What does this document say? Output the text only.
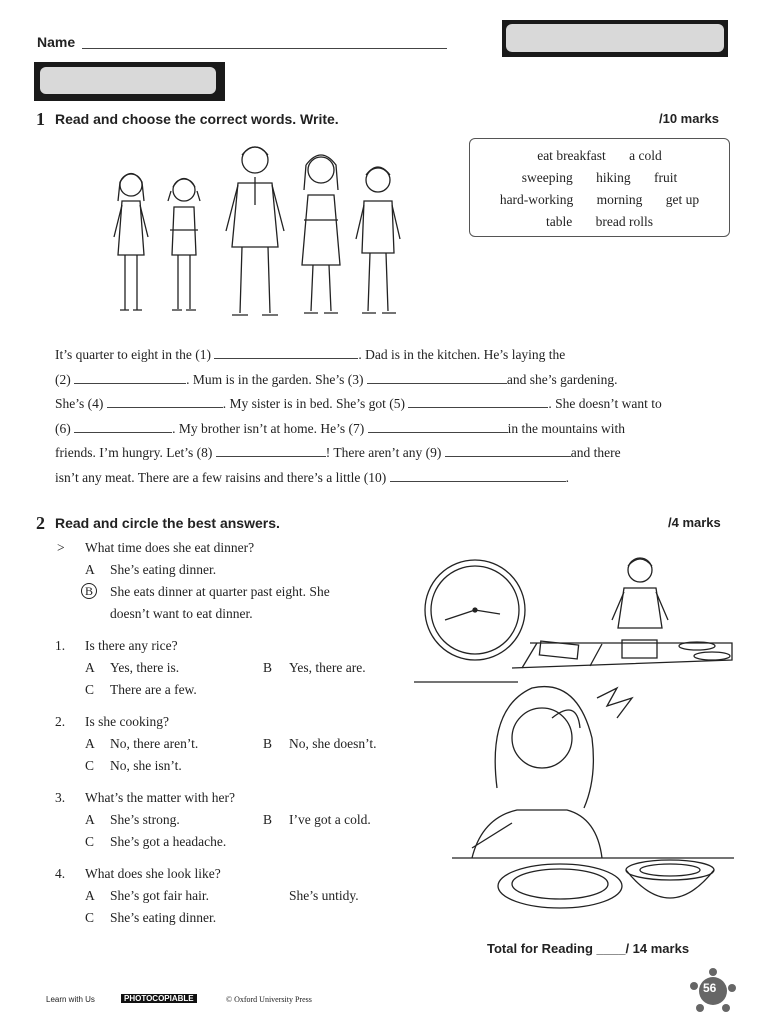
Name
1 Read and choose the correct words. Write.	/10 marks
eat breakfast a cold
sweeping hiking fruit
hard-working morning get up
table bread rolls
It’s quarter to eight in the (1)	. Dad is in the kitchen. He’s laying the
(2)	. Mum is in the garden. She’s (3)	and she’s gardening.
She’s (4)	. My sister is in bed. She’s got (5)	. She doesn’t want to
(6)	. My brother isn’t at home. He’s (7)	in the mountains with
friends. I’m hungry. Let’s (8)	! There aren’t any (9)	and there
isn’t any meat. There are a few raisins and there’s a little (10)	.
2 Read and circle the best answers.	/4 marks
> What time does she eat dinner?
A She’s eating dinner.
B She eats dinner at quarter past eight. She
doesn’t want to eat dinner.
1. Is there any rice?
A Yes, there is.	B Yes, there are.
C There are a few.
2. Is she cooking?
A No, there aren’t.	B No, she doesn’t.
C No, she isn’t.
3. What’s the matter with her?
A She’s strong.	B I’ve got a cold.
C She’s got a headache.
4. What does she look like?
A She’s got fair hair.	She’s untidy.
C She’s eating dinner.
Total for Reading ____/ 14 marks
Learn with Us	PHOTOCOPIABLE	© Oxford University Press
56
